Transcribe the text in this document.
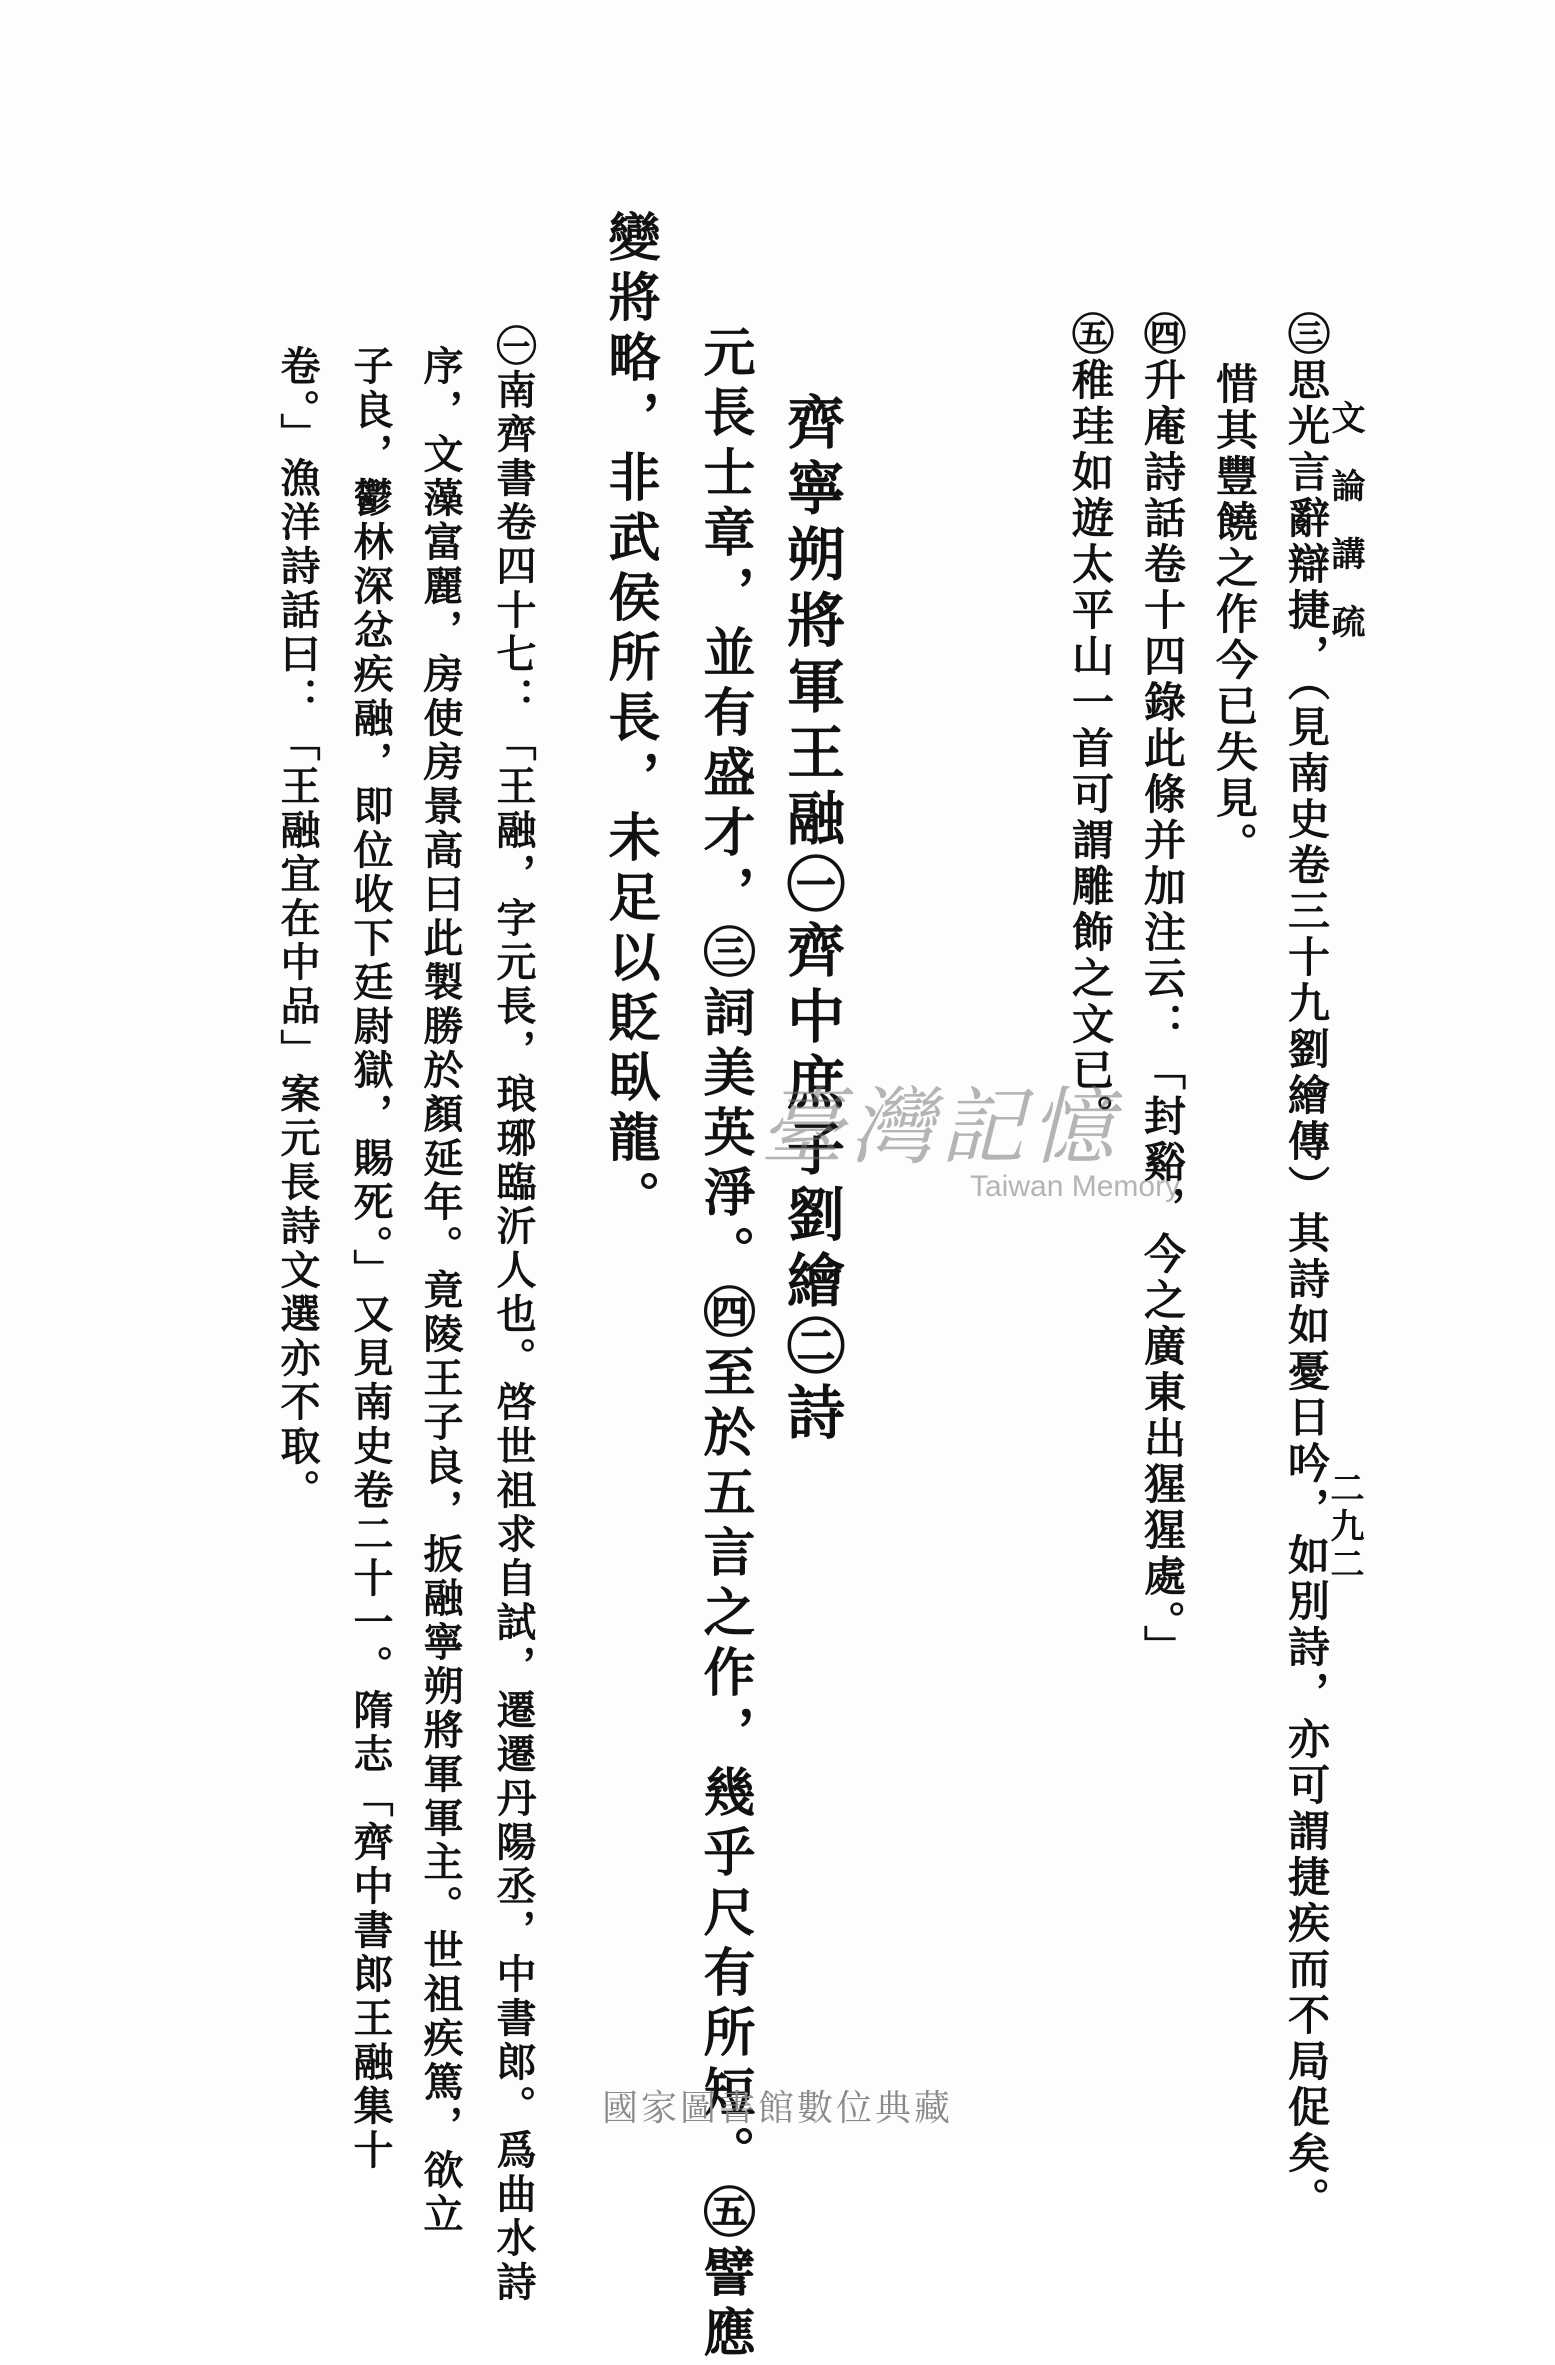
文論講疏
二九二
㊂思光言辭辯捷，（見南史卷三十九劉繪傳）其詩如憂日吟，如別詩，亦可謂捷疾而不局促矣。
惜其豐饒之作今已失見。
㊃升庵詩話卷十四錄此條并加注云：「封谿，今之廣東出猩猩處。」
㊄稚珪如遊太平山一首可謂雕飾之文已。
齊寧朔將軍王融㊀齊中庶子劉繪㊁詩
元長士章，並有盛才，㊂詞美英淨。㊃至於五言之作，幾乎尺有所短。㊄譬應
變將略，非武侯所長，未足以貶臥龍。
㊀南齊書卷四十七：「王融，字元長，琅琊臨沂人也。啓世祖求自試，遷遷丹陽丞，中書郎。爲曲水詩
序，文藻富麗，房使房景高曰此製勝於顏延年。竟陵王子良，扳融寧朔將軍軍主。世祖疾篤，欲立
子良，鬱林深忿疾融，即位收下廷尉獄，賜死。」又見南史卷二十一。隋志「齊中書郎王融集十
卷。」漁洋詩話曰：「王融宜在中品」案元長詩文選亦不取。	臺灣記憶
Taiwan Memory
國家圖書館數位典藏
